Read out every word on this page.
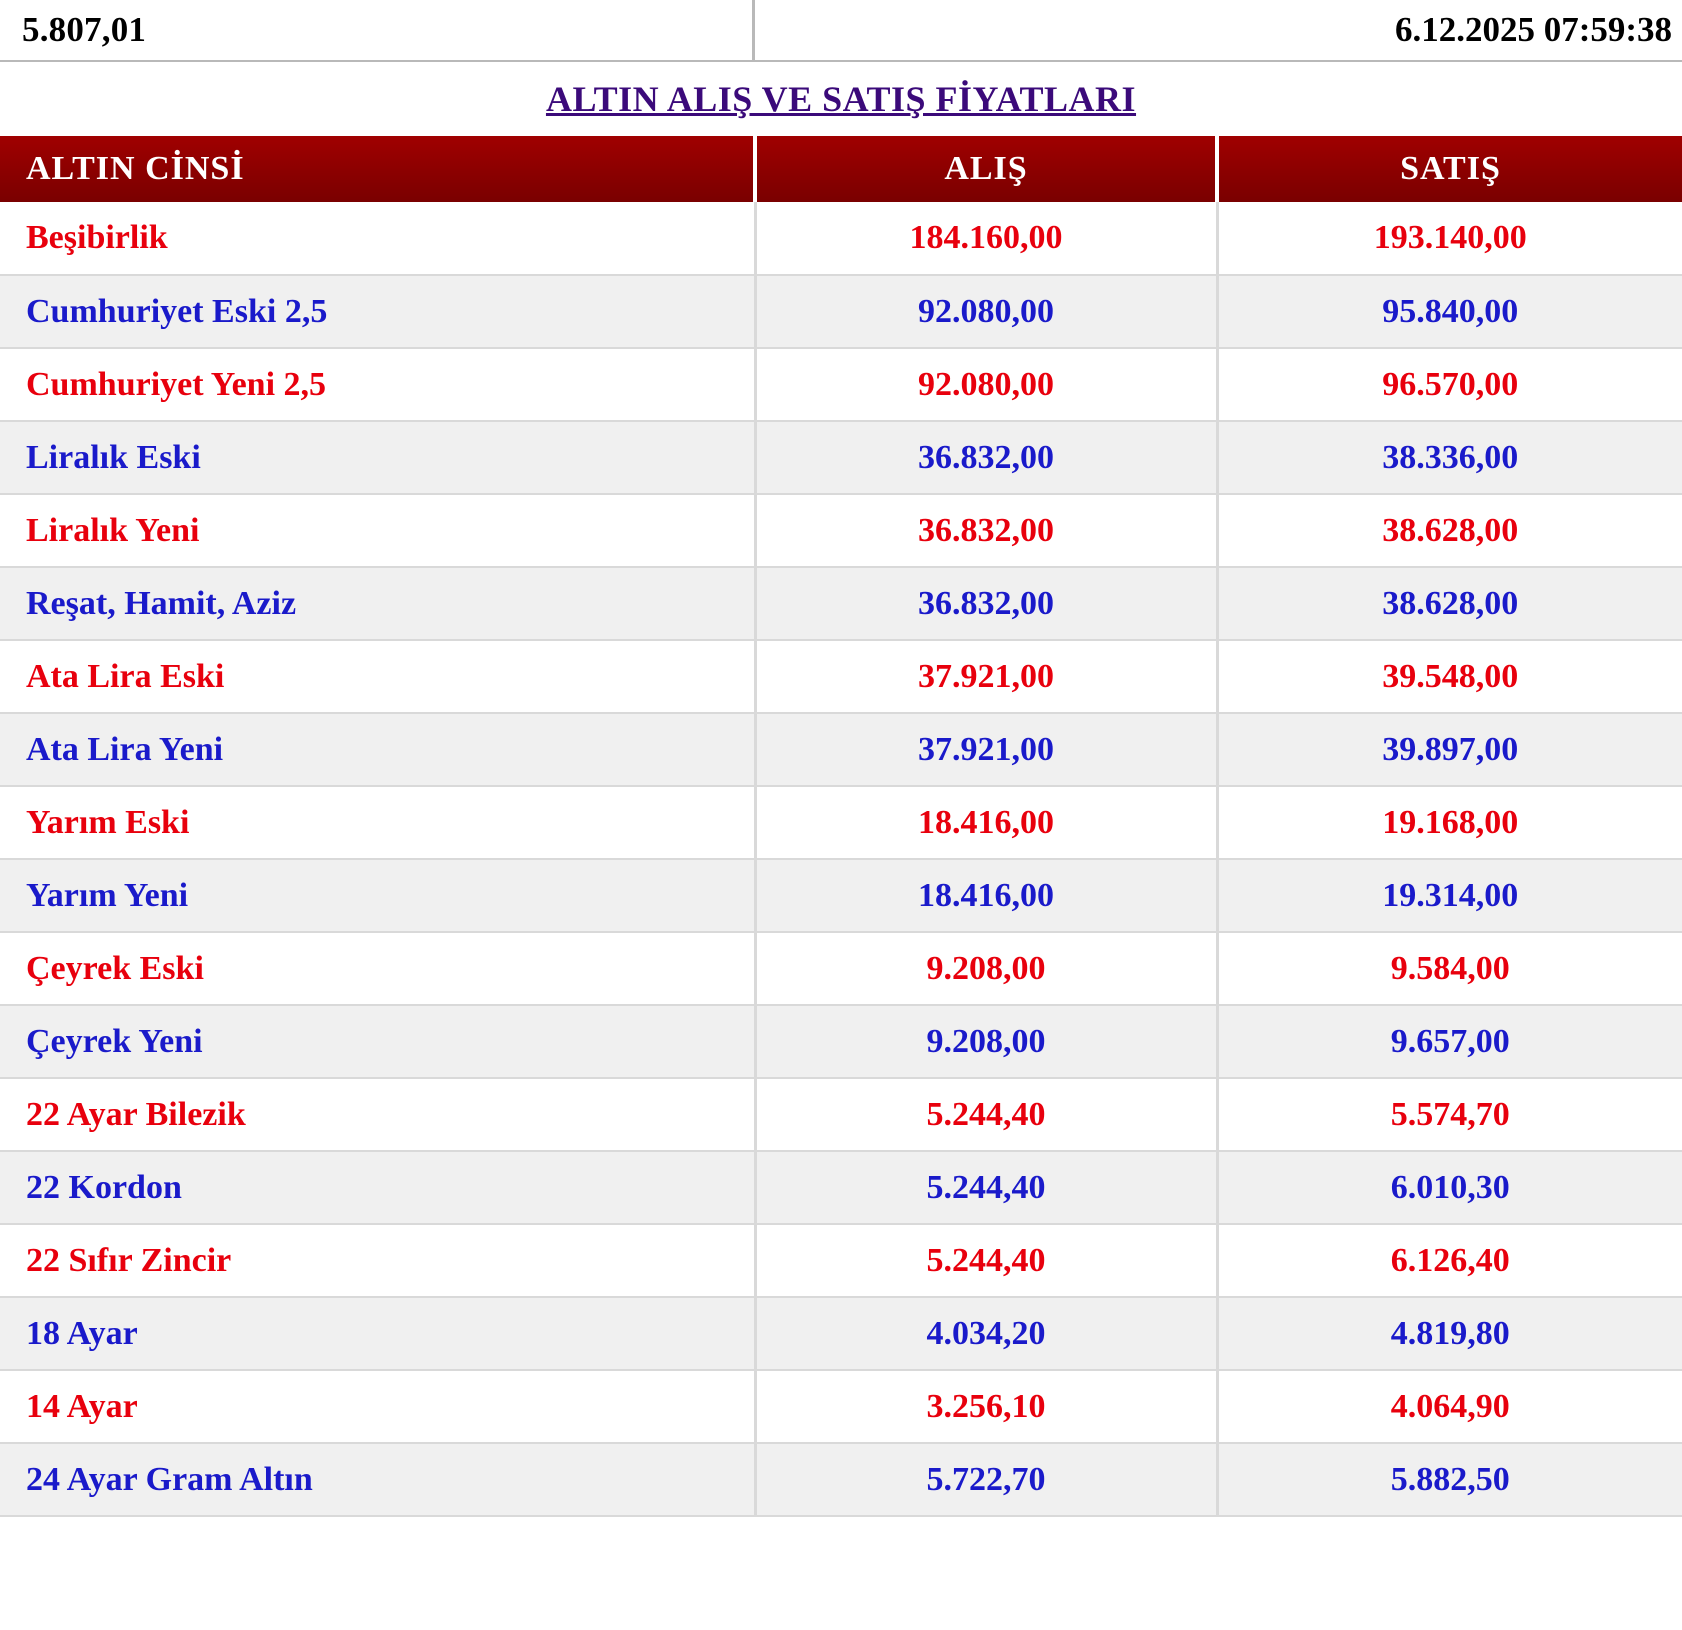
5.807,01	6.12.2025 07:59:38
ALTIN ALIŞ VE SATIŞ FİYATLARI
ALTIN CİNSİ	ALIŞ	SATIŞ
Beşibirlik	184.160,00	193.140,00
Cumhuriyet Eski 2,5	92.080,00	95.840,00
Cumhuriyet Yeni 2,5	92.080,00	96.570,00
Liralık Eski	36.832,00	38.336,00
Liralık Yeni	36.832,00	38.628,00
Reşat, Hamit, Aziz	36.832,00	38.628,00
Ata Lira Eski	37.921,00	39.548,00
Ata Lira Yeni	37.921,00	39.897,00
Yarım Eski	18.416,00	19.168,00
Yarım Yeni	18.416,00	19.314,00
Çeyrek Eski	9.208,00	9.584,00
Çeyrek Yeni	9.208,00	9.657,00
22 Ayar Bilezik	5.244,40	5.574,70
22 Kordon	5.244,40	6.010,30
22 Sıfır Zincir	5.244,40	6.126,40
18 Ayar	4.034,20	4.819,80
14 Ayar	3.256,10	4.064,90
24 Ayar Gram Altın	5.722,70	5.882,50
